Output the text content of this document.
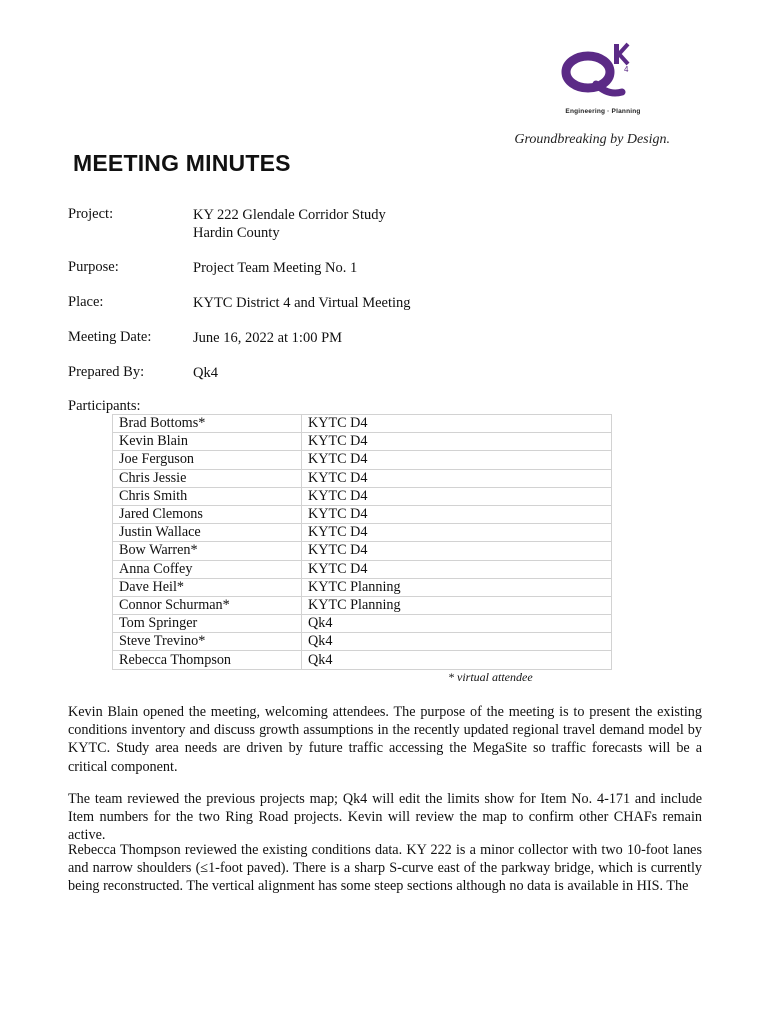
4
Engineering · Planning
Groundbreaking by Design.
MEETING MINUTES
Project:	KY 222 Glendale Corridor Study
Hardin County
Purpose:	Project Team Meeting No. 1
Place:	KYTC District 4 and Virtual Meeting
Meeting Date:	June 16, 2022 at 1:00 PM
Prepared By:	Qk4
Participants:
Brad Bottoms*	KYTC D4
Kevin Blain	KYTC D4
Joe Ferguson	KYTC D4
Chris Jessie	KYTC D4
Chris Smith	KYTC D4
Jared Clemons	KYTC D4
Justin Wallace	KYTC D4
Bow Warren*	KYTC D4
Anna Coffey	KYTC D4
Dave Heil*	KYTC Planning
Connor Schurman*	KYTC Planning
Tom Springer	Qk4
Steve Trevino*	Qk4
Rebecca Thompson	Qk4
* virtual attendee

Kevin Blain opened the meeting, welcoming attendees. The purpose of the meeting is to present the existing conditions inventory and discuss growth assumptions in the recently updated regional travel demand model by KYTC. Study area needs are driven by future traffic accessing the MegaSite so traffic forecasts will be a critical component.

The team reviewed the previous projects map; Qk4 will edit the limits show for Item No. 4-171 and include Item numbers for the two Ring Road projects. Kevin will review the map to confirm other CHAFs remain active.

Rebecca Thompson reviewed the existing conditions data. KY 222 is a minor collector with two 10-foot lanes and narrow shoulders (≤1-foot paved). There is a sharp S-curve east of the parkway bridge, which is currently being reconstructed. The vertical alignment has some steep sections although no data is available in HIS. The
